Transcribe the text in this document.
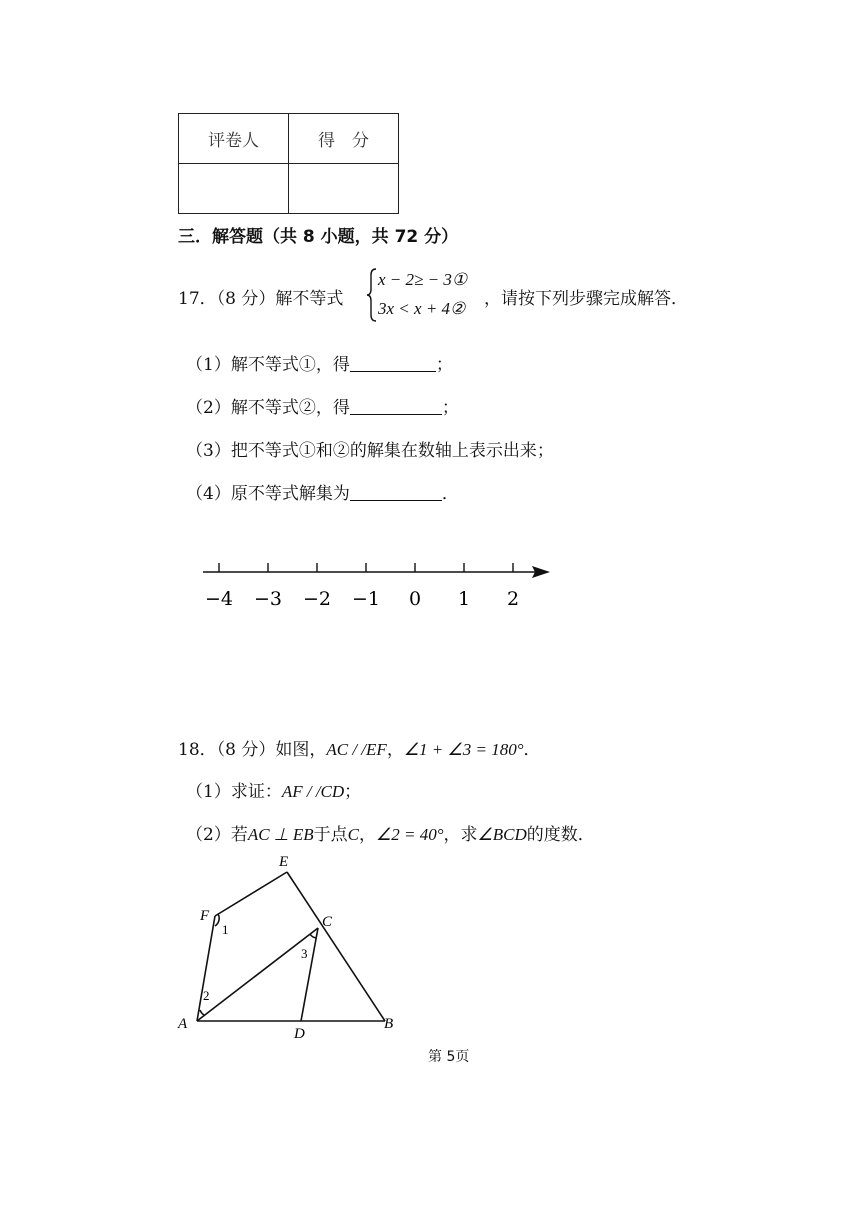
评卷人	得　分

三．解答题（共 8 小题，共 72 分）
17．（8 分）解不等式
x − 2≥ − 3①
3x < x + 4② ，请按下列步骤完成解答．
（1）解不等式①，得	；
（2）解不等式②，得	；
（3）把不等式①和②的解集在数轴上表示出来；
（4）原不等式解集为	．
−4 −3 −2 −1 0 1 2
18．（8 分）如图，AC / /EF，∠1 + ∠3 = 180°．
（1）求证：AF / /CD；
（2）若AC ⊥ EB于点C，∠2 = 40°，求∠BCD的度数．
E
F	C
A
D
B
1
2
3
第 5页
